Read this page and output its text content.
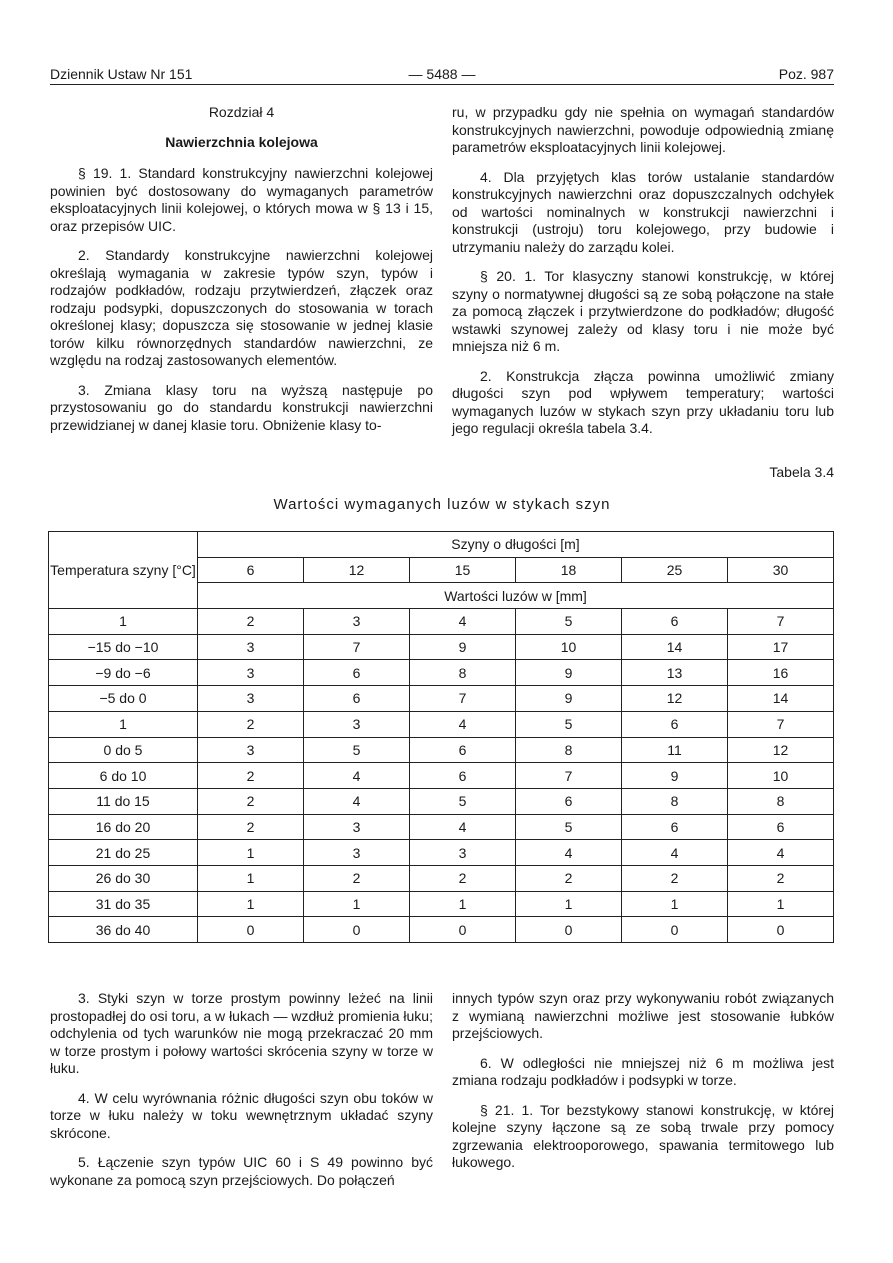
Dziennik Ustaw Nr 151	— 5488 —	Poz. 987

Rozdział 4

Nawierzchnia kolejowa

§ 19. 1. Standard konstrukcyjny nawierzchni kolejowej powinien być dostosowany do wymaganych parametrów eksploatacyjnych linii kolejowej, o których mowa w § 13 i 15, oraz przepisów UIC.

2. Standardy konstrukcyjne nawierzchni kolejowej określają wymagania w zakresie typów szyn, typów i rodzajów podkładów, rodzaju przytwierdzeń, złączek oraz rodzaju podsypki, dopuszczonych do stosowania w torach określonej klasy; dopuszcza się stosowanie w jednej klasie torów kilku równorzędnych standardów nawierzchni, ze względu na rodzaj zastosowanych elementów.

3. Zmiana klasy toru na wyższą następuje po przystosowaniu go do standardu konstrukcji nawierzchni przewidzianej w danej klasie toru. Obniżenie klasy to-

ru, w przypadku gdy nie spełnia on wymagań standardów konstrukcyjnych nawierzchni, powoduje odpowiednią zmianę parametrów eksploatacyjnych linii kolejowej.

4. Dla przyjętych klas torów ustalanie standardów konstrukcyjnych nawierzchni oraz dopuszczalnych odchyłek od wartości nominalnych w konstrukcji nawierzchni i konstrukcji (ustroju) toru kolejowego, przy budowie i utrzymaniu należy do zarządu kolei.

§ 20. 1. Tor klasyczny stanowi konstrukcję, w której szyny o normatywnej długości są ze sobą połączone na stałe za pomocą złączek i przytwierdzone do podkładów; długość wstawki szynowej zależy od klasy toru i nie może być mniejsza niż 6 m.

2. Konstrukcja złącza powinna umożliwić zmiany długości szyn pod wpływem temperatury; wartości wymaganych luzów w stykach szyn przy układaniu toru lub jego regulacji określa tabela 3.4.

Tabela 3.4
Wartości wymaganych luzów w stykach szyn
Temperatura szyny [°C]	Szyny o długości [m]					
	6	12	15	18	25	30
	Wartości luzów w [mm]					
1	2	3	4	5	6	7
−15 do −10	3	7	9	10	14	17
−9 do −6	3	6	8	9	13	16
−5 do 0	3	6	7	9	12	14
1	2	3	4	5	6	7
0 do 5	3	5	6	8	11	12
6 do 10	2	4	6	7	9	10
11 do 15	2	4	5	6	8	8
16 do 20	2	3	4	5	6	6
21 do 25	1	3	3	4	4	4
26 do 30	1	2	2	2	2	2
31 do 35	1	1	1	1	1	1
36 do 40	0	0	0	0	0	0

3. Styki szyn w torze prostym powinny leżeć na linii prostopadłej do osi toru, a w łukach — wzdłuż promienia łuku; odchylenia od tych warunków nie mogą przekraczać 20 mm w torze prostym i połowy wartości skrócenia szyny w torze w łuku.

4. W celu wyrównania różnic długości szyn obu toków w torze w łuku należy w toku wewnętrznym układać szyny skrócone.

5. Łączenie szyn typów UIC 60 i S 49 powinno być wykonane za pomocą szyn przejściowych. Do połączeń

innych typów szyn oraz przy wykonywaniu robót związanych z wymianą nawierzchni możliwe jest stosowanie łubków przejściowych.

6. W odległości nie mniejszej niż 6 m możliwa jest zmiana rodzaju podkładów i podsypki w torze.

§ 21. 1. Tor bezstykowy stanowi konstrukcję, w której kolejne szyny łączone są ze sobą trwale przy pomocy zgrzewania elektrooporowego, spawania termitowego lub łukowego.
